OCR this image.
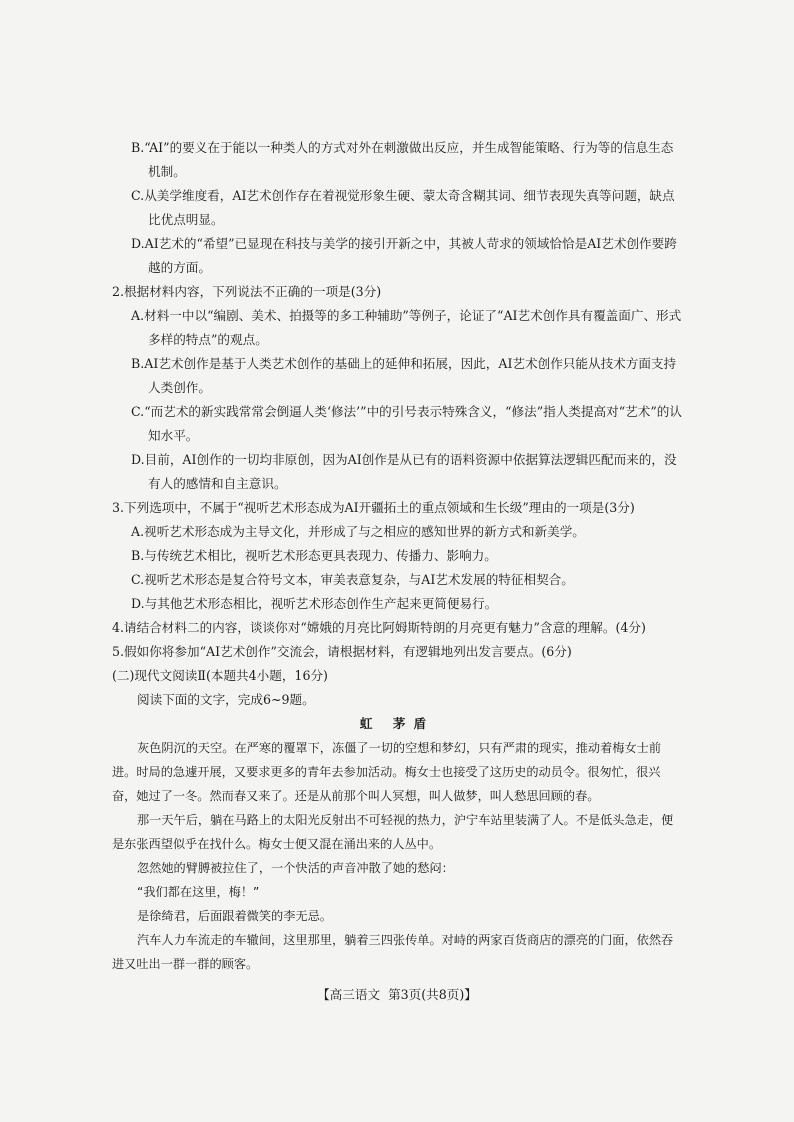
B.“AI”的要义在于能以一种类人的方式对外在刺激做出反应，并生成智能策略、行为等的信息生态机制。

C.从美学维度看，AI艺术创作存在着视觉形象生硬、蒙太奇含糊其词、细节表现失真等问题，缺点比优点明显。

D.AI艺术的“希望”已显现在科技与美学的接引开新之中，其被人苛求的领域恰恰是AI艺术创作要跨越的方面。

2.根据材料内容，下列说法不正确的一项是(3分)

A.材料一中以“编剧、美术、拍摄等的多工种辅助”等例子，论证了“AI艺术创作具有覆盖面广、形式多样的特点”的观点。

B.AI艺术创作是基于人类艺术创作的基础上的延伸和拓展，因此，AI艺术创作只能从技术方面支持人类创作。

C.“而艺术的新实践常常会倒逼人类‘修法’”中的引号表示特殊含义，“修法”指人类提高对“艺术”的认知水平。

D.目前，AI创作的一切均非原创，因为AI创作是从已有的语料资源中依据算法逻辑匹配而来的，没有人的感情和自主意识。

3.下列选项中，不属于“视听艺术形态成为AI开疆拓土的重点领域和生长级”理由的一项是(3分)

A.视听艺术形态成为主导文化，并形成了与之相应的感知世界的新方式和新美学。

B.与传统艺术相比，视听艺术形态更具表现力、传播力、影响力。

C.视听艺术形态是复合符号文本，审美表意复杂，与AI艺术发展的特征相契合。

D.与其他艺术形态相比，视听艺术形态创作生产起来更简便易行。

4.请结合材料二的内容，谈谈你对“嫦娥的月亮比阿姆斯特朗的月亮更有魅力”含意的理解。(4分)

5.假如你将参加“AI艺术创作”交流会，请根据材料，有逻辑地列出发言要点。(6分)

(二)现代文阅读Ⅱ(本题共4小题，16分)

阅读下面的文字，完成6~9题。

虹 茅盾

灰色阴沉的天空。在严寒的覆罩下，冻僵了一切的空想和梦幻，只有严肃的现实，推动着梅女士前进。时局的急遽开展，又要求更多的青年去参加活动。梅女士也接受了这历史的动员令。很匆忙，很兴奋，她过了一冬。然而春又来了。还是从前那个叫人冥想，叫人做梦，叫人愁思回顾的春。

那一天午后，躺在马路上的太阳光反射出不可轻视的热力，沪宁车站里装满了人。不是低头急走，便是东张西望似乎在找什么。梅女士便又混在涌出来的人丛中。

忽然她的臂膊被拉住了，一个快活的声音冲散了她的愁闷：

“我们都在这里，梅！”

是徐绮君，后面跟着微笑的李无忌。

汽车人力车流走的车辙间，这里那里，躺着三四张传单。对峙的两家百货商店的漂亮的门面，依然吞进又吐出一群一群的顾客。

【高三语文 第3页(共8页)】
